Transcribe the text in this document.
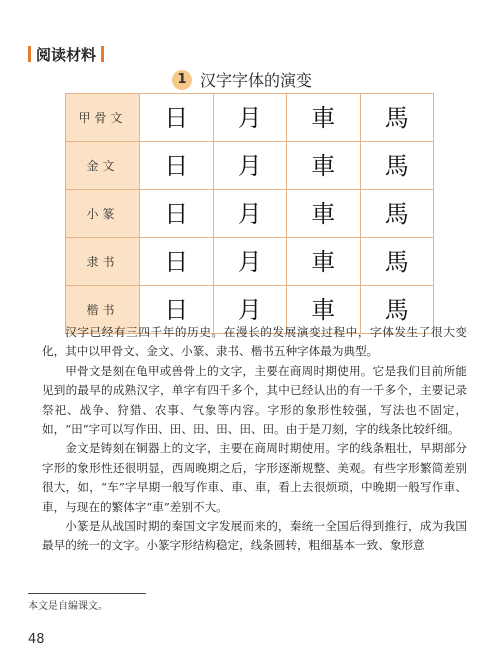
阅读材料
1 汉字字体的演变
甲骨文	日	月	車	馬
金文	日	月	車	馬
小篆	日	月	車	馬
隶书	日	月	車	馬
楷书	日	月	車	馬

汉字已经有三四千年的历史。在漫长的发展演变过程中，字体发生了很大变化，其中以甲骨文、金文、小篆、隶书、楷书五种字体最为典型。

甲骨文是刻在龟甲或兽骨上的文字，主要在商周时期使用。它是我们目前所能见到的最早的成熟汉字，单字有四千多个，其中已经认出的有一千多个，主要记录祭祀、战争、狩猎、农事、气象等内容。字形的象形性较强，写法也不固定，如，“田”字可以写作田、田、田、田、田、田。由于是刀刻，字的线条比较纤细。

金文是铸刻在铜器上的文字，主要在商周时期使用。字的线条粗壮，早期部分字形的象形性还很明显，西周晚期之后，字形逐渐规整、美观。有些字形繁简差别很大，如，“车”字早期一般写作車、車、車，看上去很烦琐，中晚期一般写作車、車，与现在的繁体字“車”差别不大。

小篆是从战国时期的秦国文字发展而来的，秦统一全国后得到推行，成为我国最早的统一的文字。小篆字形结构稳定，线条圆转，粗细基本一致、象形意

本文是自编课文。
48
